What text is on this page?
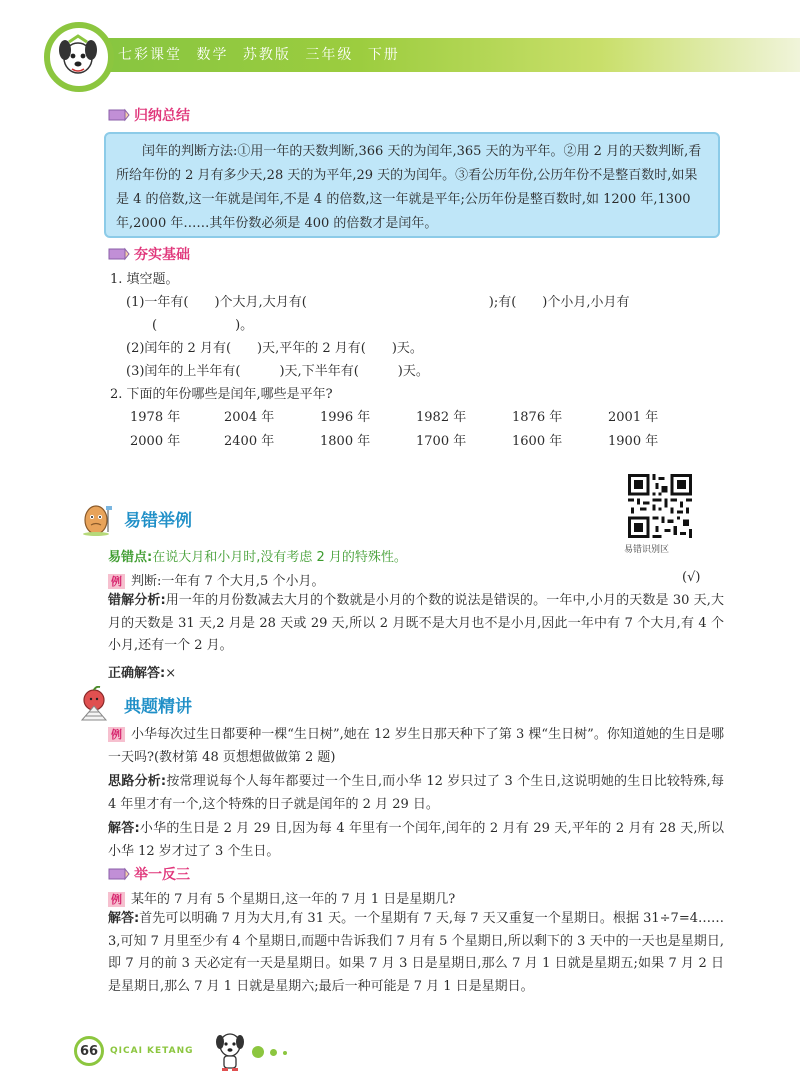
七彩课堂 数学 苏教版 三年级 下册
归纳总结
闰年的判断方法:①用一年的天数判断,366 天的为闰年,365 天的为平年。②用 2 月的天数判断,看所给年份的 2 月有多少天,28 天的为平年,29 天的为闰年。③看公历年份,公历年份不是整百数时,如果是 4 的倍数,这一年就是闰年,不是 4 的倍数,这一年就是平年;公历年份是整百数时,如 1200 年,1300 年,2000 年……其年份数必须是 400 的倍数才是闰年。
夯实基础
1. 填空题。
(1)一年有(　　)个大月,大月有(　　　　　　　　　　　　　　);有(　　)个小月,小月有
(　　　　　　)。
(2)闰年的 2 月有(　　)天,平年的 2 月有(　　)天。
(3)闰年的上半年有(　　　)天,下半年有(　　　)天。
2. 下面的年份哪些是闰年,哪些是平年?
1978 年	2004 年	1996 年	1982 年	1876 年	2001 年
2000 年	2400 年	1800 年	1700 年	1600 年	1900 年
易错识别区
易错举例
易错点:在说大月和小月时,没有考虑 2 月的特殊性。
例 判断:一年有 7 个大月,5 个小月。	(√)
错解分析:用一年的月份数减去大月的个数就是小月的个数的说法是错误的。一年中,小月的天数是 30 天,大月的天数是 31 天,2 月是 28 天或 29 天,所以 2 月既不是大月也不是小月,因此一年中有 7 个大月,有 4 个小月,还有一个 2 月。
正确解答:×
典题精讲
例 小华每次过生日都要种一棵“生日树”,她在 12 岁生日那天种下了第 3 棵“生日树”。你知道她的生日是哪一天吗?(教材第 48 页想想做做第 2 题)
思路分析:按常理说每个人每年都要过一个生日,而小华 12 岁只过了 3 个生日,这说明她的生日比较特殊,每 4 年里才有一个,这个特殊的日子就是闰年的 2 月 29 日。
解答:小华的生日是 2 月 29 日,因为每 4 年里有一个闰年,闰年的 2 月有 29 天,平年的 2 月有 28 天,所以小华 12 岁才过了 3 个生日。
举一反三
例 某年的 7 月有 5 个星期日,这一年的 7 月 1 日是星期几?
解答:首先可以明确 7 月为大月,有 31 天。一个星期有 7 天,每 7 天又重复一个星期日。根据 31÷7=4……3,可知 7 月里至少有 4 个星期日,而题中告诉我们 7 月有 5 个星期日,所以剩下的 3 天中的一天也是星期日,即 7 月的前 3 天必定有一天是星期日。如果 7 月 3 日是星期日,那么 7 月 1 日就是星期五;如果 7 月 2 日是星期日,那么 7 月 1 日就是星期六;最后一种可能是 7 月 1 日是星期日。
66 QICAI KETANG
